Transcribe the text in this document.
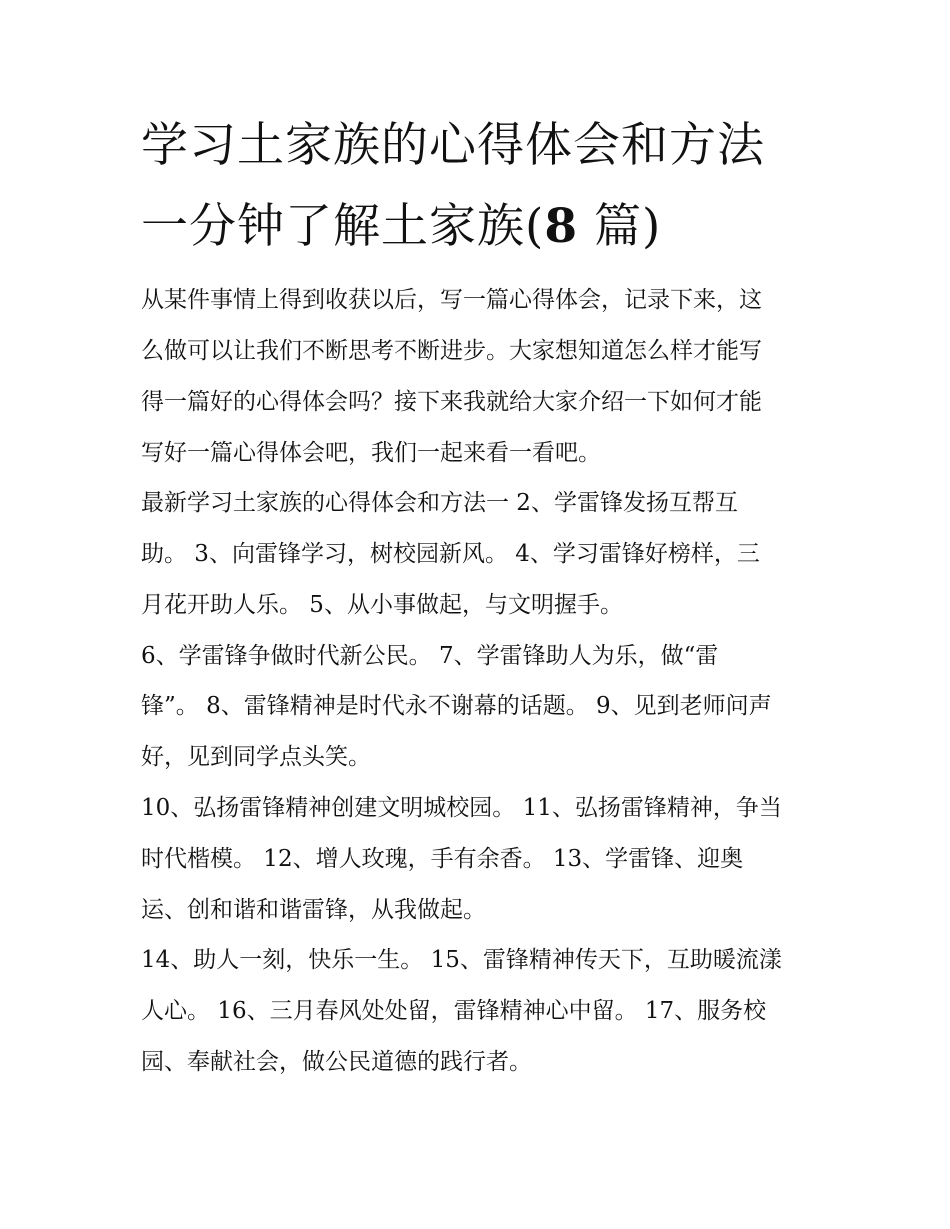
学习土家族的心得体会和方法
一分钟了解土家族(8 篇)

从某件事情上得到收获以后，写一篇心得体会，记录下来，这

么做可以让我们不断思考不断进步。大家想知道怎么样才能写

得一篇好的心得体会吗？接下来我就给大家介绍一下如何才能

写好一篇心得体会吧，我们一起来看一看吧。

最新学习土家族的心得体会和方法一 2、学雷锋发扬互帮互

助。 3、向雷锋学习，树校园新风。 4、学习雷锋好榜样，三

月花开助人乐。 5、从小事做起，与文明握手。

6、学雷锋争做时代新公民。 7、学雷锋助人为乐，做“雷

锋”。 8、雷锋精神是时代永不谢幕的话题。 9、见到老师问声

好，见到同学点头笑。

10、弘扬雷锋精神创建文明城校园。 11、弘扬雷锋精神，争当

时代楷模。 12、增人玫瑰，手有余香。 13、学雷锋、迎奥

运、创和谐和谐雷锋，从我做起。

14、助人一刻，快乐一生。 15、雷锋精神传天下，互助暖流漾

人心。 16、三月春风处处留，雷锋精神心中留。 17、服务校

园、奉献社会，做公民道德的践行者。
